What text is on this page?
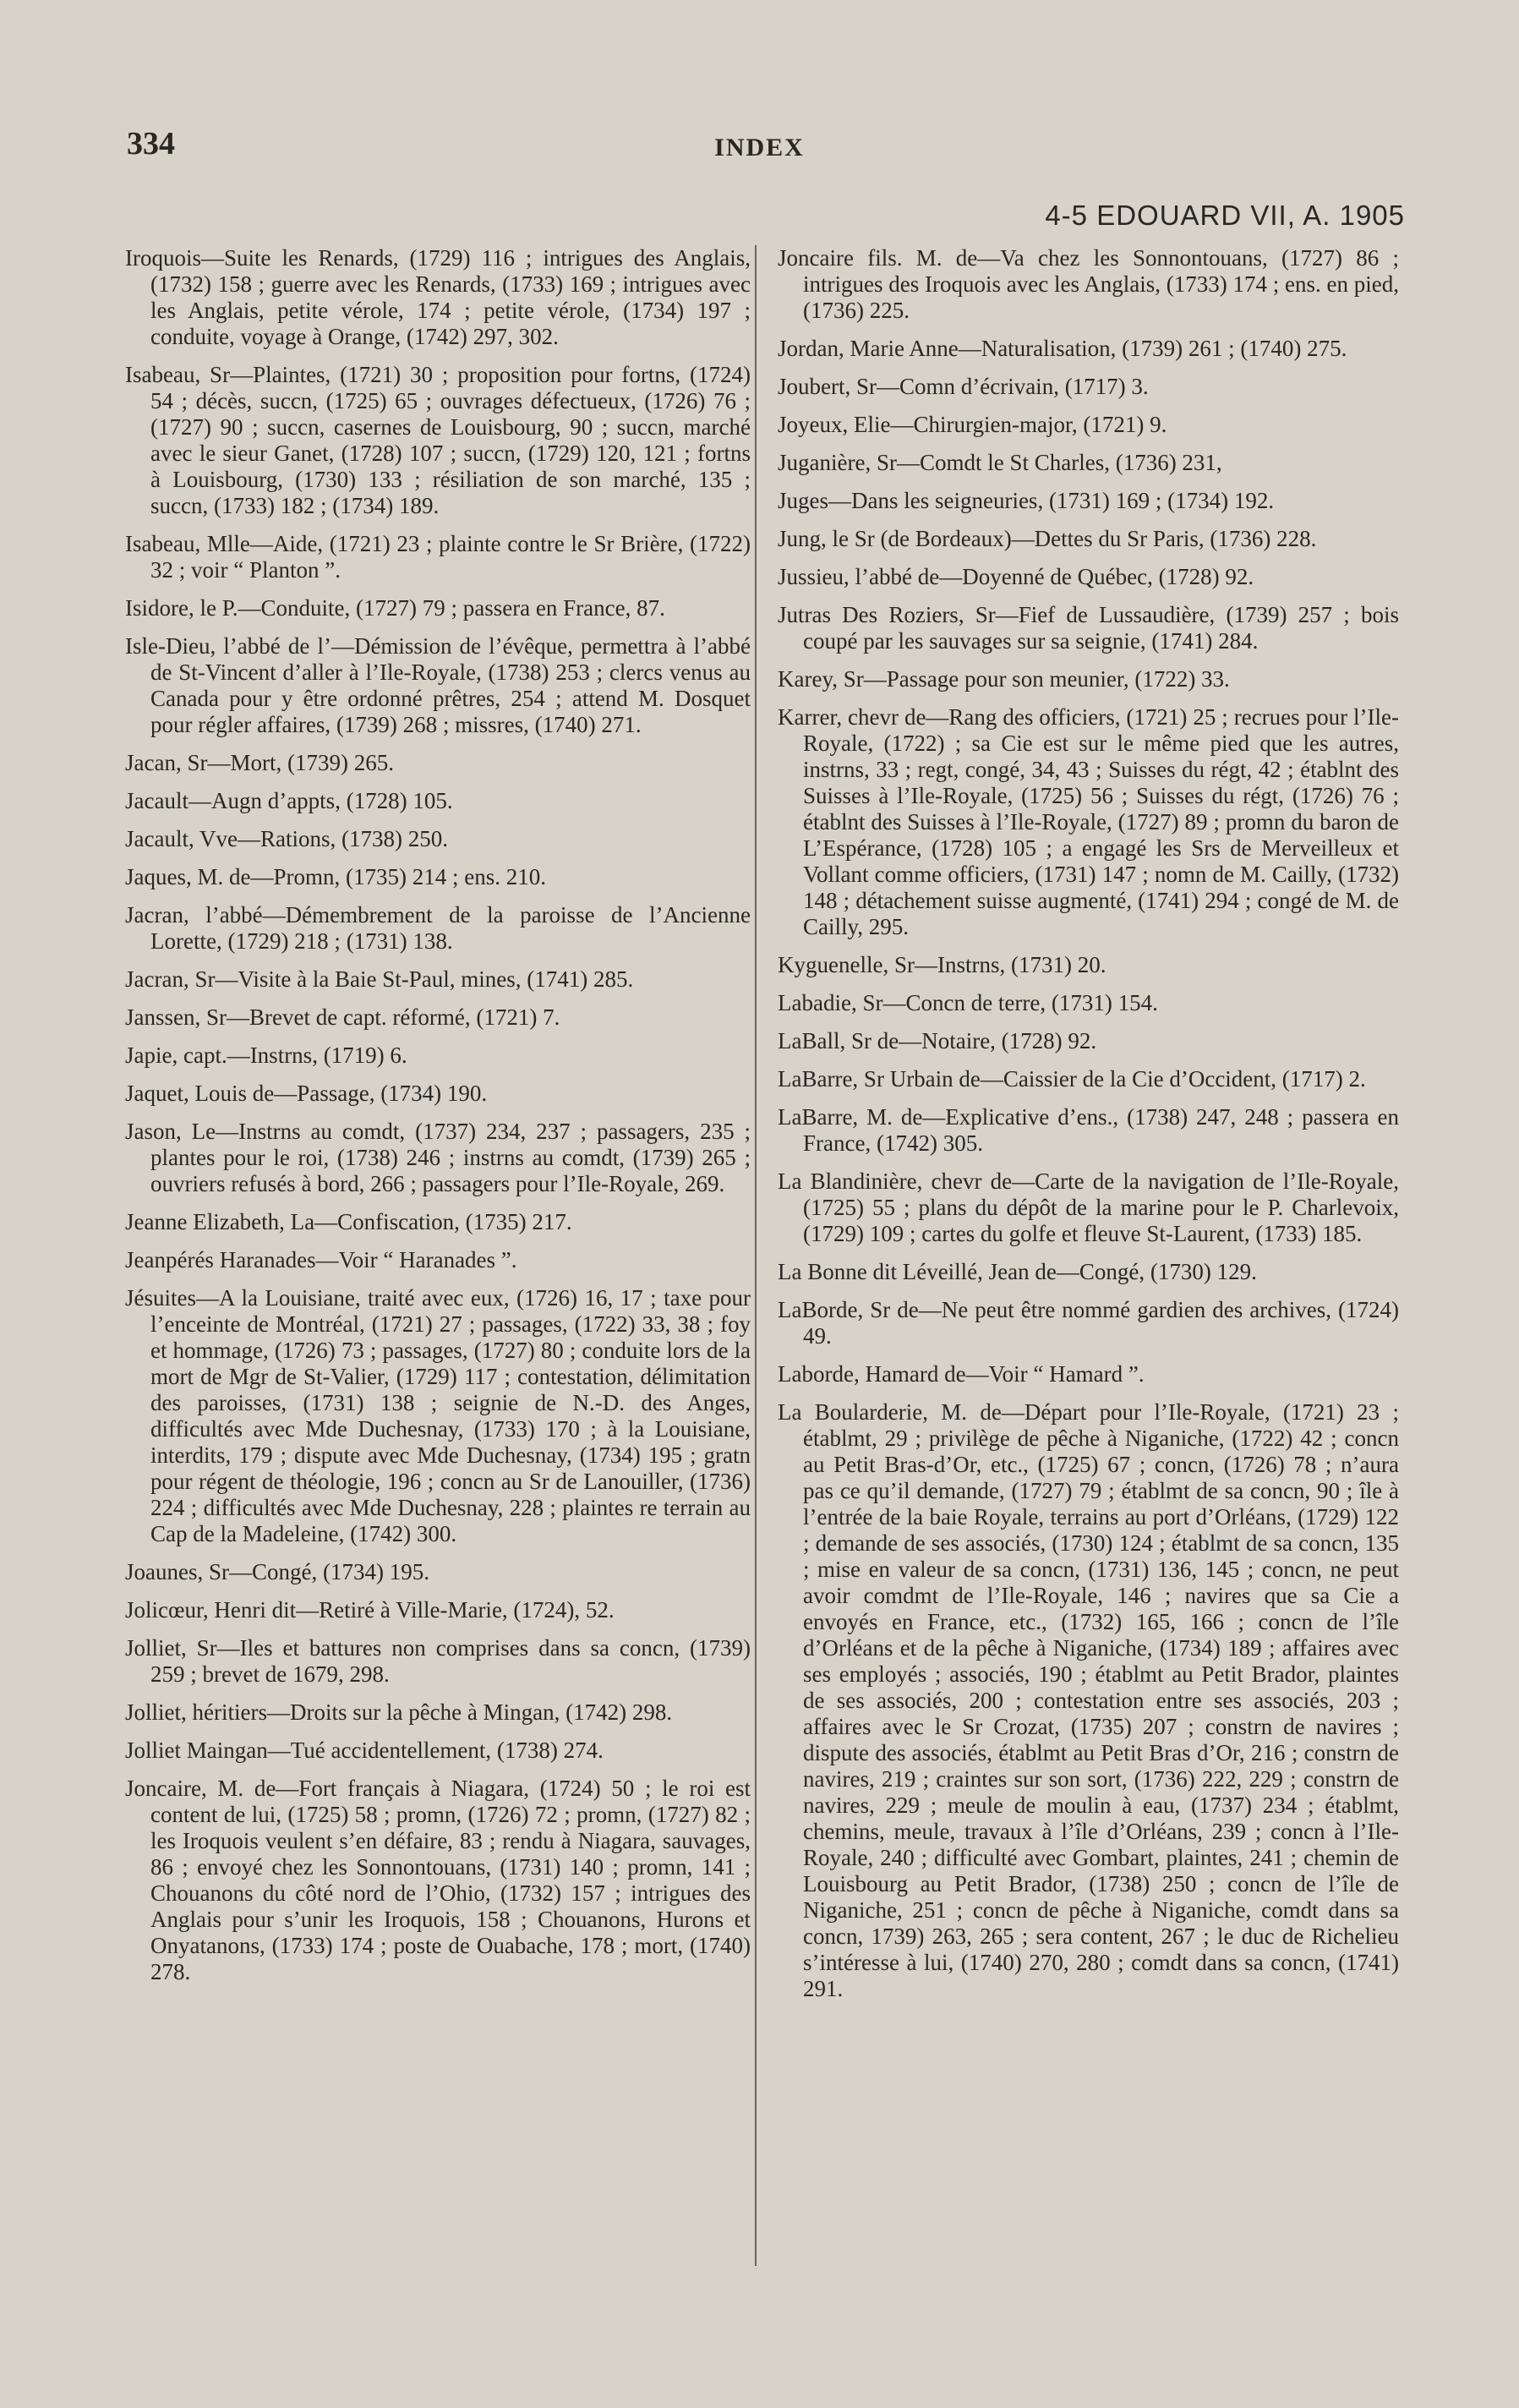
334	INDEX
4-5 EDOUARD VII, A. 1905

Iroquois—Suite les Renards, (1729) 116 ; intrigues des Anglais, (1732) 158 ; guerre avec les Renards, (1733) 169 ; intrigues avec les Anglais, petite vérole, 174 ; petite vérole, (1734) 197 ; conduite, voyage à Orange, (1742) 297, 302.

Isabeau, Sr—Plaintes, (1721) 30 ; proposition pour fortns, (1724) 54 ; décès, succn, (1725) 65 ; ouvrages défectueux, (1726) 76 ; (1727) 90 ; succn, casernes de Louisbourg, 90 ; succn, marché avec le sieur Ganet, (1728) 107 ; succn, (1729) 120, 121 ; fortns à Louisbourg, (1730) 133 ; résiliation de son marché, 135 ; succn, (1733) 182 ; (1734) 189.

Isabeau, Mlle—Aide, (1721) 23 ; plainte contre le Sr Brière, (1722) 32 ; voir “ Planton ”.

Isidore, le P.—Conduite, (1727) 79 ; passera en France, 87.

Isle-Dieu, l’abbé de l’—Démission de l’évêque, permettra à l’abbé de St-Vincent d’aller à l’Ile-Royale, (1738) 253 ; clercs venus au Canada pour y être ordonné prêtres, 254 ; attend M. Dosquet pour régler affaires, (1739) 268 ; missres, (1740) 271.

Jacan, Sr—Mort, (1739) 265.

Jacault—Augn d’appts, (1728) 105.

Jacault, Vve—Rations, (1738) 250.

Jaques, M. de—Promn, (1735) 214 ; ens. 210.

Jacran, l’abbé—Démembrement de la paroisse de l’Ancienne Lorette, (1729) 218 ; (1731) 138.

Jacran, Sr—Visite à la Baie St-Paul, mines, (1741) 285.

Janssen, Sr—Brevet de capt. réformé, (1721) 7.

Japie, capt.—Instrns, (1719) 6.

Jaquet, Louis de—Passage, (1734) 190.

Jason, Le—Instrns au comdt, (1737) 234, 237 ; passagers, 235 ; plantes pour le roi, (1738) 246 ; instrns au comdt, (1739) 265 ; ouvriers refusés à bord, 266 ; passagers pour l’Ile-Royale, 269.

Jeanne Elizabeth, La—Confiscation, (1735) 217.

Jeanpérés Haranades—Voir “ Haranades ”.

Jésuites—A la Louisiane, traité avec eux, (1726) 16, 17 ; taxe pour l’enceinte de Montréal, (1721) 27 ; passages, (1722) 33, 38 ; foy et hommage, (1726) 73 ; passages, (1727) 80 ; conduite lors de la mort de Mgr de St-Valier, (1729) 117 ; contestation, délimitation des paroisses, (1731) 138 ; seignie de N.-D. des Anges, difficultés avec Mde Duchesnay, (1733) 170 ; à la Louisiane, interdits, 179 ; dispute avec Mde Duchesnay, (1734) 195 ; gratn pour régent de théologie, 196 ; concn au Sr de Lanouiller, (1736) 224 ; difficultés avec Mde Duchesnay, 228 ; plaintes re terrain au Cap de la Madeleine, (1742) 300.

Joaunes, Sr—Congé, (1734) 195.

Jolicœur, Henri dit—Retiré à Ville-Marie, (1724), 52.

Jolliet, Sr—Iles et battures non comprises dans sa concn, (1739) 259 ; brevet de 1679, 298.

Jolliet, héritiers—Droits sur la pêche à Mingan, (1742) 298.

Jolliet Maingan—Tué accidentellement, (1738) 274.

Joncaire, M. de—Fort français à Niagara, (1724) 50 ; le roi est content de lui, (1725) 58 ; promn, (1726) 72 ; promn, (1727) 82 ; les Iroquois veulent s’en défaire, 83 ; rendu à Niagara, sauvages, 86 ; envoyé chez les Sonnontouans, (1731) 140 ; promn, 141 ; Chouanons du côté nord de l’Ohio, (1732) 157 ; intrigues des Anglais pour s’unir les Iroquois, 158 ; Chouanons, Hurons et Onyatanons, (1733) 174 ; poste de Ouabache, 178 ; mort, (1740) 278.

Joncaire fils. M. de—Va chez les Sonnontouans, (1727) 86 ; intrigues des Iroquois avec les Anglais, (1733) 174 ; ens. en pied, (1736) 225.

Jordan, Marie Anne—Naturalisation, (1739) 261 ; (1740) 275.

Joubert, Sr—Comn d’écrivain, (1717) 3.

Joyeux, Elie—Chirurgien-major, (1721) 9.

Juganière, Sr—Comdt le St Charles, (1736) 231,

Juges—Dans les seigneuries, (1731) 169 ; (1734) 192.

Jung, le Sr (de Bordeaux)—Dettes du Sr Paris, (1736) 228.

Jussieu, l’abbé de—Doyenné de Québec, (1728) 92.

Jutras Des Roziers, Sr—Fief de Lussaudière, (1739) 257 ; bois coupé par les sauvages sur sa seignie, (1741) 284.

Karey, Sr—Passage pour son meunier, (1722) 33.

Karrer, chevr de—Rang des officiers, (1721) 25 ; recrues pour l’Ile-Royale, (1722) ; sa Cie est sur le même pied que les autres, instrns, 33 ; regt, congé, 34, 43 ; Suisses du régt, 42 ; établnt des Suisses à l’Ile-Royale, (1725) 56 ; Suisses du régt, (1726) 76 ; établnt des Suisses à l’Ile-Royale, (1727) 89 ; promn du baron de L’Espérance, (1728) 105 ; a engagé les Srs de Merveilleux et Vollant comme officiers, (1731) 147 ; nomn de M. Cailly, (1732) 148 ; détachement suisse augmenté, (1741) 294 ; congé de M. de Cailly, 295.

Kyguenelle, Sr—Instrns, (1731) 20.

Labadie, Sr—Concn de terre, (1731) 154.

LaBall, Sr de—Notaire, (1728) 92.

LaBarre, Sr Urbain de—Caissier de la Cie d’Occident, (1717) 2.

LaBarre, M. de—Explicative d’ens., (1738) 247, 248 ; passera en France, (1742) 305.

La Blandinière, chevr de—Carte de la navigation de l’Ile-Royale, (1725) 55 ; plans du dépôt de la marine pour le P. Charlevoix, (1729) 109 ; cartes du golfe et fleuve St-Laurent, (1733) 185.

La Bonne dit Léveillé, Jean de—Congé, (1730) 129.

LaBorde, Sr de—Ne peut être nommé gardien des archives, (1724) 49.

Laborde, Hamard de—Voir “ Hamard ”.

La Boularderie, M. de—Départ pour l’Ile-Royale, (1721) 23 ; établmt, 29 ; privilège de pêche à Niganiche, (1722) 42 ; concn au Petit Bras-d’Or, etc., (1725) 67 ; concn, (1726) 78 ; n’aura pas ce qu’il demande, (1727) 79 ; établmt de sa concn, 90 ; île à l’entrée de la baie Royale, terrains au port d’Orléans, (1729) 122 ; demande de ses associés, (1730) 124 ; établmt de sa concn, 135 ; mise en valeur de sa concn, (1731) 136, 145 ; concn, ne peut avoir comdmt de l’Ile-Royale, 146 ; navires que sa Cie a envoyés en France, etc., (1732) 165, 166 ; concn de l’île d’Orléans et de la pêche à Niganiche, (1734) 189 ; affaires avec ses employés ; associés, 190 ; établmt au Petit Brador, plaintes de ses associés, 200 ; contestation entre ses associés, 203 ; affaires avec le Sr Crozat, (1735) 207 ; constrn de navires ; dispute des associés, établmt au Petit Bras d’Or, 216 ; constrn de navires, 219 ; craintes sur son sort, (1736) 222, 229 ; constrn de navires, 229 ; meule de moulin à eau, (1737) 234 ; établmt, chemins, meule, travaux à l’île d’Orléans, 239 ; concn à l’Ile-Royale, 240 ; difficulté avec Gombart, plaintes, 241 ; chemin de Louisbourg au Petit Brador, (1738) 250 ; concn de l’île de Niganiche, 251 ; concn de pêche à Niganiche, comdt dans sa concn, 1739) 263, 265 ; sera content, 267 ; le duc de Richelieu s’intéresse à lui, (1740) 270, 280 ; comdt dans sa concn, (1741) 291.
